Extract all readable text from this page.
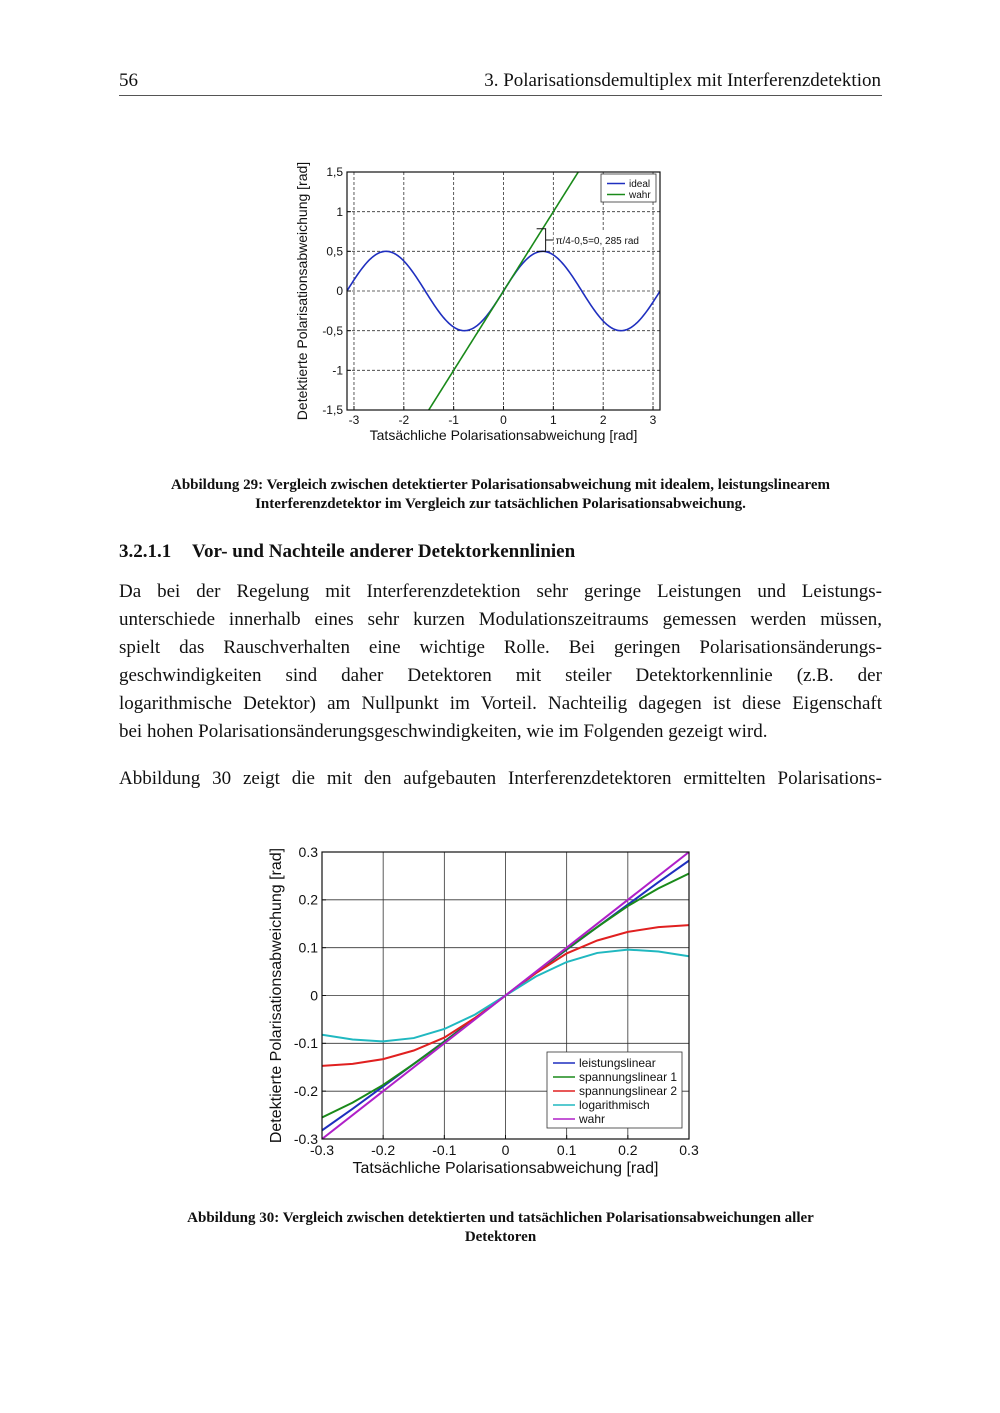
56	3. Polarisationsdemultiplex mit Interferenzdetektion
-3	-2	-1	0	1	2	3
-1,5
-1
-0,5
0
0,5
1
1,5
Tatsächliche Polarisationsabweichung [rad]
Detektierte Polarisationsabweichung [rad]	ideal
wahr
π/4-0,5=0, 285 rad
Abbildung 29: Vergleich zwischen detektierter Polarisationsabweichung mit idealem, leistungslinearem
Interferenzdetektor im Vergleich zur tatsächlichen Polarisationsabweichung.
3.2.1.1 Vor- und Nachteile anderer Detektorkennlinien
Da bei der Regelung mit Interferenzdetektion sehr geringe Leistungen und Leistungs-
unterschiede innerhalb eines sehr kurzen Modulationszeitraums gemessen werden müssen,
spielt das Rauschverhalten eine wichtige Rolle. Bei geringen Polarisationsänderungs-
geschwindigkeiten sind daher Detektoren mit steiler Detektorkennlinie (z.B. der
logarithmische Detektor) am Nullpunkt im Vorteil. Nachteilig dagegen ist diese Eigenschaft
bei hohen Polarisationsänderungsgeschwindigkeiten, wie im Folgenden gezeigt wird.
Abbildung 30 zeigt die mit den aufgebauten Interferenzdetektoren ermittelten Polarisations-
-0.3	-0.2	-0.1	0	0.1	0.2	0.3
-0.3
-0.2
-0.1
0
0.1
0.2
0.3
Tatsächliche Polarisationsabweichung [rad]
Detektierte Polarisationsabweichung [rad]	leistungslinear
spannungslinear 1
spannungslinear 2
logarithmisch
wahr
Abbildung 30: Vergleich zwischen detektierten und tatsächlichen Polarisationsabweichungen aller
Detektoren
